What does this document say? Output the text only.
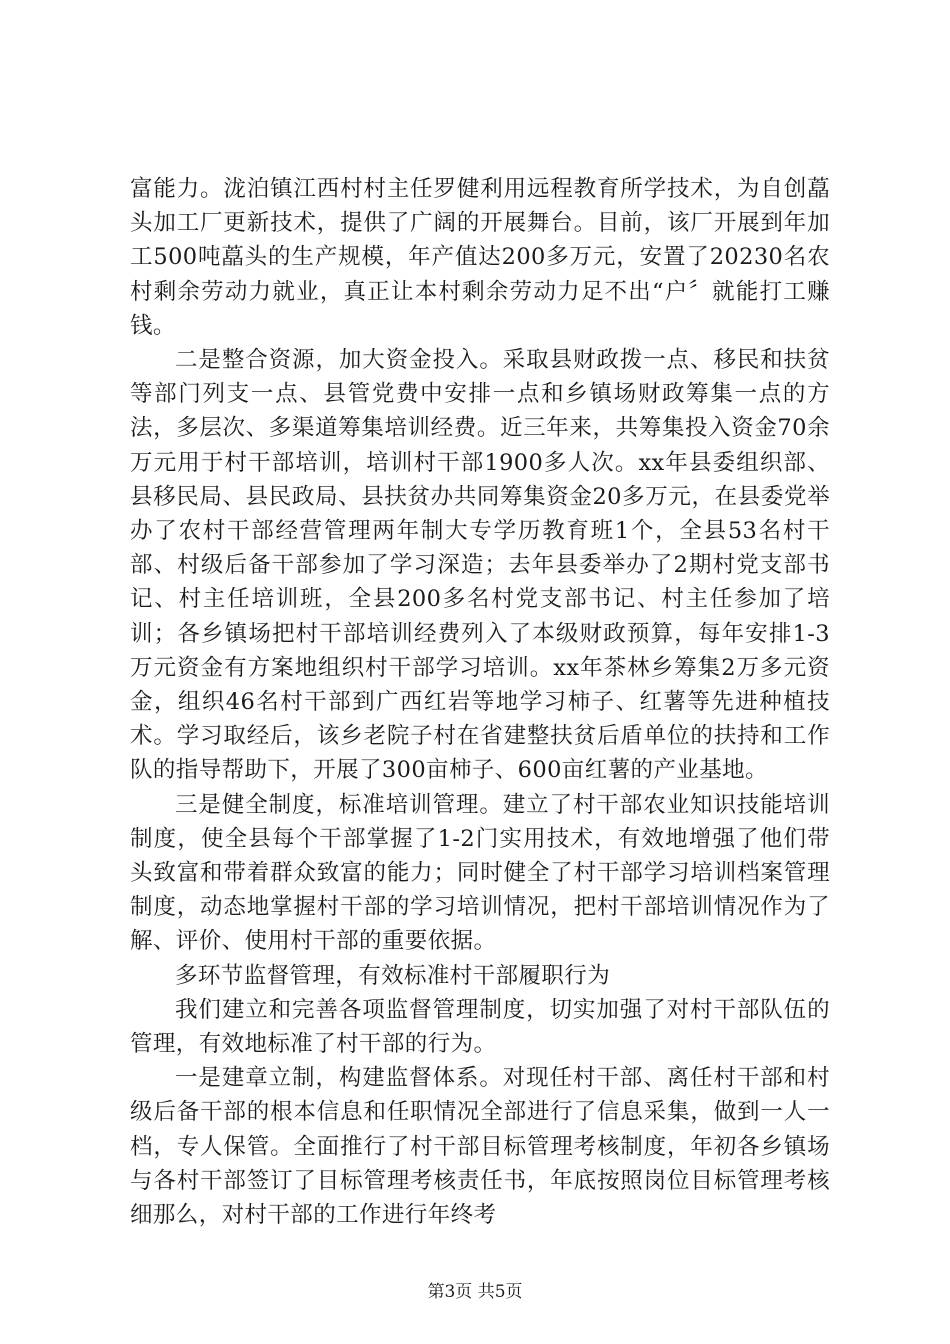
富能力。泷泊镇江西村村主任罗健利用远程教育所学技术，为自创藠头加工厂更新技术，提供了广阔的开展舞台。目前，该厂开展到年加工500吨藠头的生产规模，年产值达200多万元，安置了20230名农村剩余劳动力就业，真正让本村剩余劳动力足不出“户〞就能打工赚钱。

二是整合资源，加大资金投入。采取县财政拨一点、移民和扶贫等部门列支一点、县管党费中安排一点和乡镇场财政筹集一点的方法，多层次、多渠道筹集培训经费。近三年来，共筹集投入资金70余万元用于村干部培训，培训村干部1900多人次。xx年县委组织部、县移民局、县民政局、县扶贫办共同筹集资金20多万元，在县委党举办了农村干部经营管理两年制大专学历教育班1个，全县53名村干部、村级后备干部参加了学习深造；去年县委举办了2期村党支部书记、村主任培训班，全县200多名村党支部书记、村主任参加了培训；各乡镇场把村干部培训经费列入了本级财政预算，每年安排1-3万元资金有方案地组织村干部学习培训。xx年茶林乡筹集2万多元资金，组织46名村干部到广西红岩等地学习柿子、红薯等先进种植技术。学习取经后，该乡老院子村在省建整扶贫后盾单位的扶持和工作队的指导帮助下，开展了300亩柿子、600亩红薯的产业基地。

三是健全制度，标准培训管理。建立了村干部农业知识技能培训制度，使全县每个干部掌握了1-2门实用技术，有效地增强了他们带头致富和带着群众致富的能力；同时健全了村干部学习培训档案管理制度，动态地掌握村干部的学习培训情况，把村干部培训情况作为了解、评价、使用村干部的重要依据。

多环节监督管理，有效标准村干部履职行为

我们建立和完善各项监督管理制度，切实加强了对村干部队伍的管理，有效地标准了村干部的行为。

一是建章立制，构建监督体系。对现任村干部、离任村干部和村级后备干部的根本信息和任职情况全部进行了信息采集，做到一人一档，专人保管。全面推行了村干部目标管理考核制度，年初各乡镇场与各村干部签订了目标管理考核责任书，年底按照岗位目标管理考核细那么，对村干部的工作进行年终考

第3页 共5页
